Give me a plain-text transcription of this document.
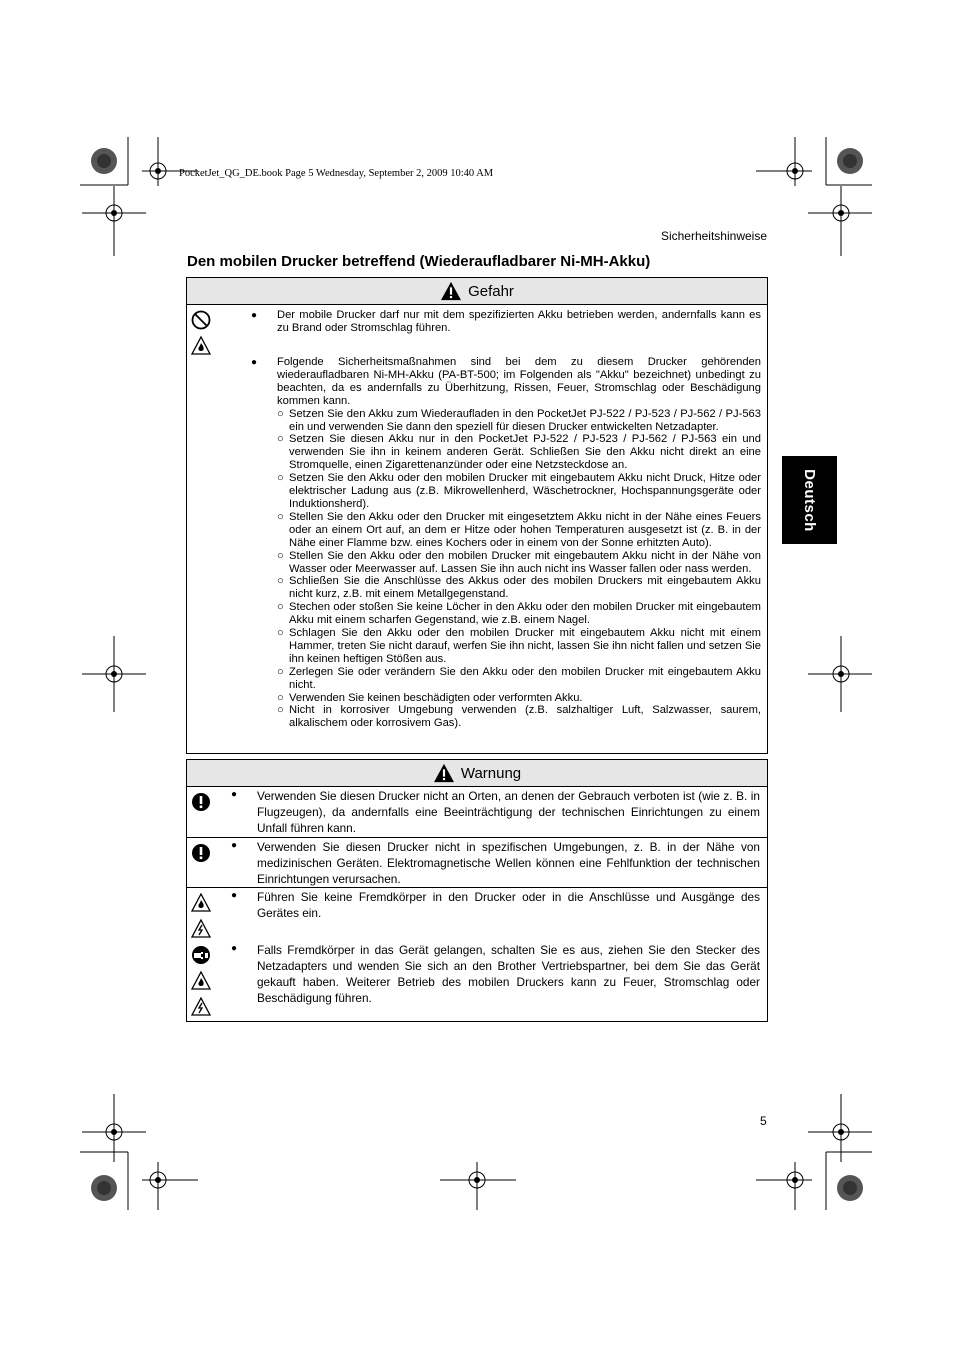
PocketJet_QG_DE.book Page 5 Wednesday, September 2, 2009 10:40 AM
Sicherheitshinweise
Den mobilen Drucker betreffend (Wiederaufladbarer Ni-MH-Akku)
Deutsch
5
Gefahr
● Der mobile Drucker darf nur mit dem spezifizierten Akku betrieben werden, andernfalls kann es zu Brand oder Stromschlag führen.
● Folgende Sicherheitsmaßnahmen sind bei dem zu diesem Drucker gehörenden wiederaufladbaren Ni-MH-Akku (PA-BT-500; im Folgenden als "Akku" bezeichnet) unbedingt zu beachten, da es andernfalls zu Überhitzung, Rissen, Feuer, Stromschlag oder Beschädigung kommen kann.
○ Setzen Sie den Akku zum Wiederaufladen in den PocketJet PJ-522 / PJ-523 / PJ-562 / PJ-563 ein und verwenden Sie dann den speziell für diesen Drucker entwickelten Netzadapter.
○ Setzen Sie diesen Akku nur in den PocketJet PJ-522 / PJ-523 / PJ-562 / PJ-563 ein und verwenden Sie ihn in keinem anderen Gerät. Schließen Sie den Akku nicht direkt an eine Stromquelle, einen Zigarettenanzünder oder eine Netzsteckdose an.
○ Setzen Sie den Akku oder den mobilen Drucker mit eingebautem Akku nicht Druck, Hitze oder elektrischer Ladung aus (z.B. Mikrowellenherd, Wäschetrockner, Hochspannungsgeräte oder Induktionsherd).
○ Stellen Sie den Akku oder den Drucker mit eingesetztem Akku nicht in der Nähe eines Feuers oder an einem Ort auf, an dem er Hitze oder hohen Temperaturen ausgesetzt ist (z. B. in der Nähe einer Flamme bzw. eines Kochers oder in einem von der Sonne erhitzten Auto).
○ Stellen Sie den Akku oder den mobilen Drucker mit eingebautem Akku nicht in der Nähe von Wasser oder Meerwasser auf. Lassen Sie ihn auch nicht ins Wasser fallen oder nass werden.
○ Schließen Sie die Anschlüsse des Akkus oder des mobilen Druckers mit eingebautem Akku nicht kurz, z.B. mit einem Metallgegenstand.
○ Stechen oder stoßen Sie keine Löcher in den Akku oder den mobilen Drucker mit eingebautem Akku mit einem scharfen Gegenstand, wie z.B. einem Nagel.
○ Schlagen Sie den Akku oder den mobilen Drucker mit eingebautem Akku nicht mit einem Hammer, treten Sie nicht darauf, werfen Sie ihn nicht, lassen Sie ihn nicht fallen und setzen Sie ihn keinen heftigen Stößen aus.
○ Zerlegen Sie oder verändern Sie den Akku oder den mobilen Drucker mit eingebautem Akku nicht.
○ Verwenden Sie keinen beschädigten oder verformten Akku.
○ Nicht in korrosiver Umgebung verwenden (z.B. salzhaltiger Luft, Salzwasser, saurem, alkalischem oder korrosivem Gas).
Warnung
● Verwenden Sie diesen Drucker nicht an Orten, an denen der Gebrauch verboten ist (wie z. B. in Flugzeugen), da andernfalls eine Beeinträchtigung der technischen Einrichtungen zu einem Unfall führen kann.
● Verwenden Sie diesen Drucker nicht in spezifischen Umgebungen, z. B. in der Nähe von medizinischen Geräten. Elektromagnetische Wellen können eine Fehlfunktion der technischen Einrichtungen verursachen.
● Führen Sie keine Fremdkörper in den Drucker oder in die Anschlüsse und Ausgänge des Gerätes ein.
● Falls Fremdkörper in das Gerät gelangen, schalten Sie es aus, ziehen Sie den Stecker des Netzadapters und wenden Sie sich an den Brother Vertriebspartner, bei dem Sie das Gerät gekauft haben. Weiterer Betrieb des mobilen Druckers kann zu Feuer, Stromschlag oder Beschädigung führen.
